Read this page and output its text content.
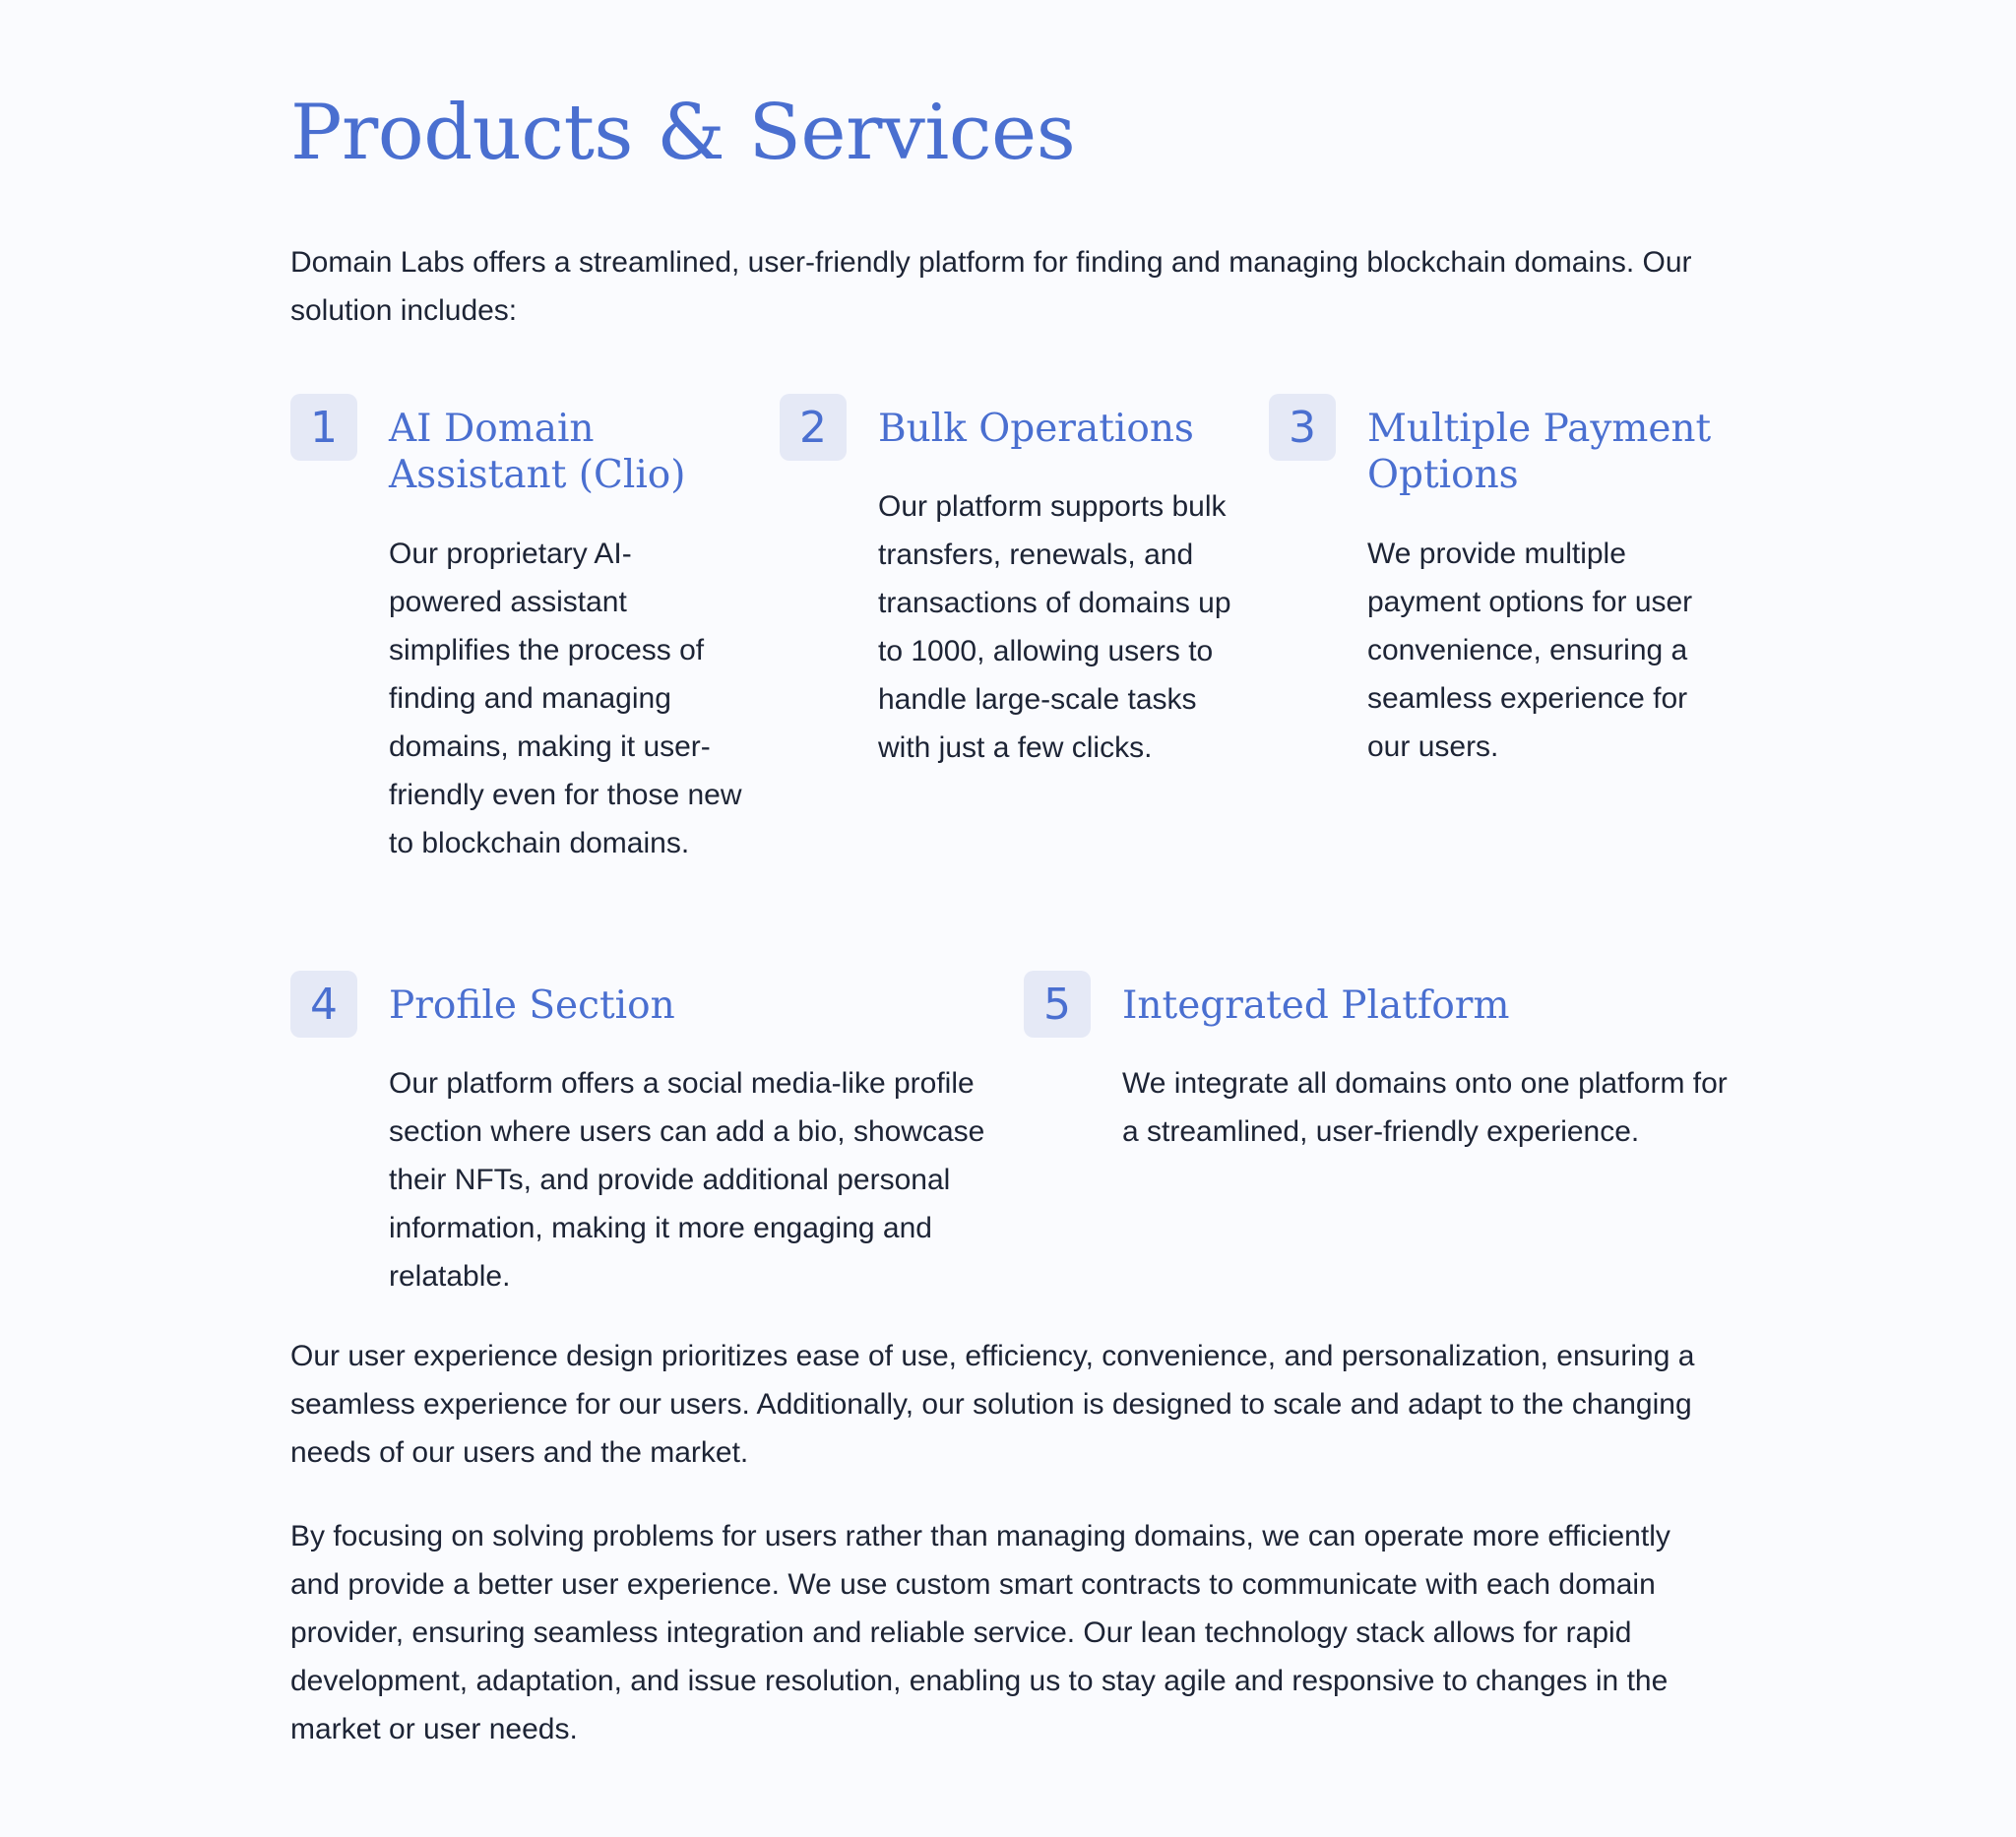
Products & Services

Domain Labs offers a streamlined, user-friendly platform for finding and managing blockchain domains. Our solution includes:

1	AI Domain Assistant (Clio)

Our proprietary AI-powered assistant simplifies the process of finding and managing domains, making it user-friendly even for those new to blockchain domains.

2	Bulk Operations

Our platform supports bulk transfers, renewals, and transactions of domains up to 1000, allowing users to handle large-scale tasks with just a few clicks.

3	Multiple Payment Options

We provide multiple payment options for user convenience, ensuring a seamless experience for our users.

4	Profile Section

Our platform offers a social media-like profile section where users can add a bio, showcase their NFTs, and provide additional personal information, making it more engaging and relatable.

5	Integrated Platform

We integrate all domains onto one platform for a streamlined, user-friendly experience.

Our user experience design prioritizes ease of use, efficiency, convenience, and personalization, ensuring a seamless experience for our users. Additionally, our solution is designed to scale and adapt to the changing needs of our users and the market.

By focusing on solving problems for users rather than managing domains, we can operate more efficiently and provide a better user experience. We use custom smart contracts to communicate with each domain provider, ensuring seamless integration and reliable service. Our lean technology stack allows for rapid development, adaptation, and issue resolution, enabling us to stay agile and responsive to changes in the market or user needs.
